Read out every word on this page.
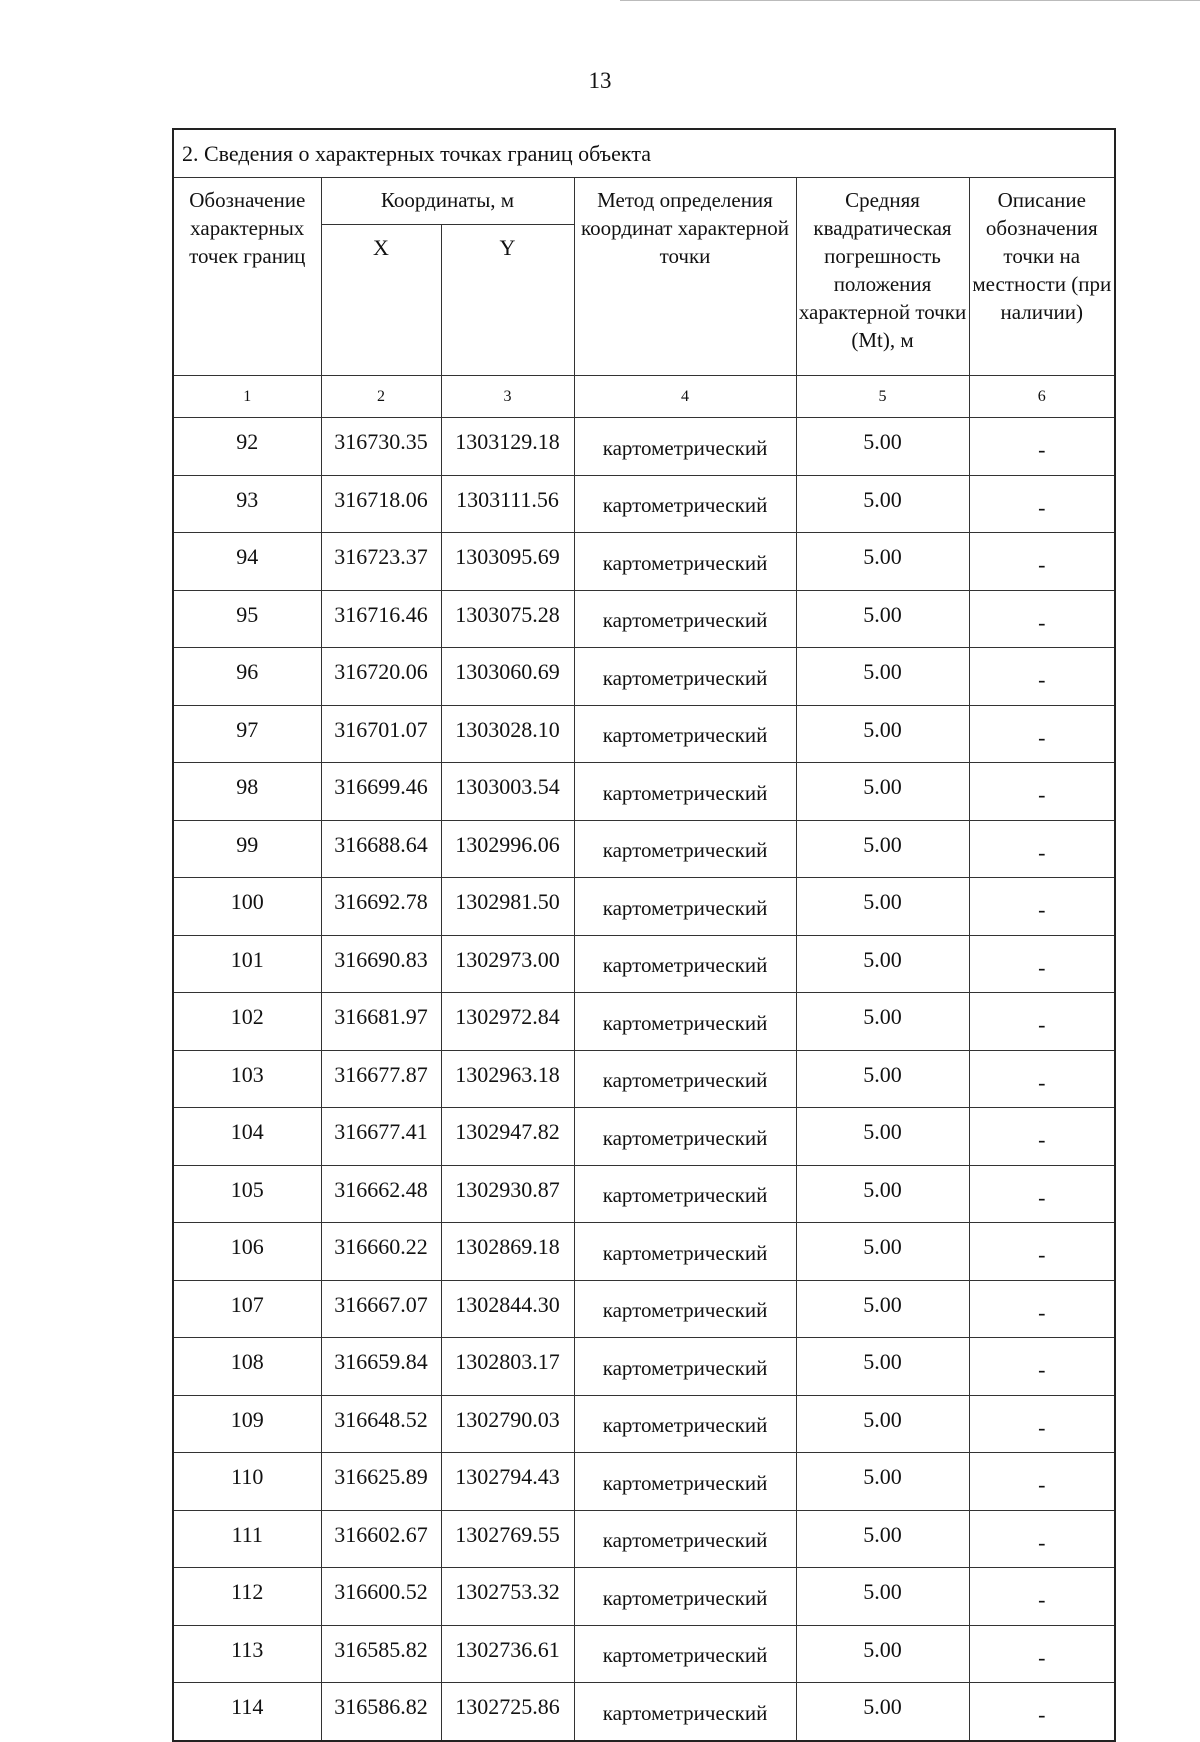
13
2. Сведения о характерных точках границ объекта					
Обозначение характерных точек границ	Координаты, м		Метод определения координат характерной точки	Средняя квадратическая погрешность положения характерной точки (Mt), м	Описание обозначения точки на местности (при наличии)
	X	Y			
1	2	3	4	5	6
92	316730.35	1303129.18	картометрический	5.00	-
93	316718.06	1303111.56	картометрический	5.00	-
94	316723.37	1303095.69	картометрический	5.00	-
95	316716.46	1303075.28	картометрический	5.00	-
96	316720.06	1303060.69	картометрический	5.00	-
97	316701.07	1303028.10	картометрический	5.00	-
98	316699.46	1303003.54	картометрический	5.00	-
99	316688.64	1302996.06	картометрический	5.00	-
100	316692.78	1302981.50	картометрический	5.00	-
101	316690.83	1302973.00	картометрический	5.00	-
102	316681.97	1302972.84	картометрический	5.00	-
103	316677.87	1302963.18	картометрический	5.00	-
104	316677.41	1302947.82	картометрический	5.00	-
105	316662.48	1302930.87	картометрический	5.00	-
106	316660.22	1302869.18	картометрический	5.00	-
107	316667.07	1302844.30	картометрический	5.00	-
108	316659.84	1302803.17	картометрический	5.00	-
109	316648.52	1302790.03	картометрический	5.00	-
110	316625.89	1302794.43	картометрический	5.00	-
111	316602.67	1302769.55	картометрический	5.00	-
112	316600.52	1302753.32	картометрический	5.00	-
113	316585.82	1302736.61	картометрический	5.00	-
114	316586.82	1302725.86	картометрический	5.00	-
